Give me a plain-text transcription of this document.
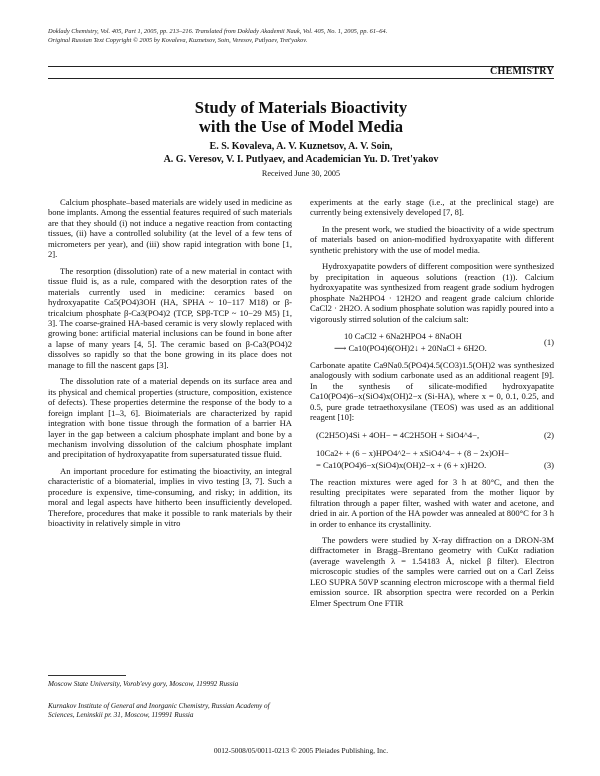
Doklady Chemistry, Vol. 405, Part 1, 2005, pp. 213–216. Translated from Doklady Akademii Nauk, Vol. 405, No. 1, 2005, pp. 61–64.
Original Russian Text Copyright © 2005 by Kovaleva, Kuznetsov, Soin, Veresov, Putlyaev, Tret'yakov.
CHEMISTRY
Study of Materials Bioactivity
with the Use of Model Media
E. S. Kovaleva, A. V. Kuznetsov, A. V. Soin,
A. G. Veresov, V. I. Putlyaev, and Academician Yu. D. Tret'yakov
Received June 30, 2005

Calcium phosphate–based materials are widely used in medicine as bone implants. Among the essential features required of such materials are that they should (i) not induce a negative reaction from contacting tissues, (ii) have a controlled solubility (at the level of a few tens of micrometers per year), and (iii) show rapid integration with bone [1, 2].

The resorption (dissolution) rate of a new material in contact with tissue fluid is, as a rule, compared with the desorption rates of the materials currently used in medicine: ceramics based on hydroxyapatite Ca5(PO4)3OH (HA, SPHA ~ 10−117 M18) or β-tricalcium phosphate β-Ca3(PO4)2 (TCP, SPβ-TCP ~ 10−29 M5) [1, 3]. The coarse-grained HA-based ceramic is very slowly replaced with growing bone: artificial material inclusions can be found in bone after a lapse of many years [4, 5]. The ceramic based on β-Ca3(PO4)2 dissolves so rapidly so that the bone growing in its place does not manage to fill the nascent gaps [3].

The dissolution rate of a material depends on its surface area and its physical and chemical properties (structure, composition, existence of defects). These properties determine the response of the body to a foreign implant [1–3, 6]. Bioimaterials are characterized by rapid integration with bone tissue through the formation of a barrier HA layer in the gap between a calcium phosphate implant and bone by a mechanism involving dissolution of the calcium phosphate implant and precipitation of hydroxyapatite from supersaturated tissue fluid.

An important procedure for estimating the bioactivity, an integral characteristic of a biomaterial, implies in vivo testing [3, 7]. Such a procedure is expensive, time-consuming, and risky; in addition, its moral and legal aspects have hitherto been insufficiently developed. Therefore, procedures that make it possible to rank materials by their bioactivity in relatively simple in vitro

experiments at the early stage (i.e., at the preclinical stage) are currently being extensively developed [7, 8].

In the present work, we studied the bioactivity of a wide spectrum of materials based on anion-modified hydroxyapatite with different synthetic prehistory with the use of model media.

Hydroxyapatite powders of different composition were synthesized by precipitation in aqueous solutions (reaction (1)). Calcium hydroxyapatite was synthesized from reagent grade sodium hydrogen phosphate Na2HPO4 · 12H2O and reagent grade calcium chloride CaCl2 · 2H2O. A sodium phosphate solution was rapidly poured into a vigorously stirred solution of the calcium salt:

10 CaCl2 + 6Na2HPO4 + 8NaOH
⟶ Ca10(PO4)6(OH)2↓ + 20NaCl + 6H2O.
(1)

Carbonate apatite Ca9Na0.5(PO4)4.5(CO3)1.5(OH)2 was synthesized analogously with sodium carbonate used as an additional reagent [9]. In the synthesis of silicate-modified hydroxyapatite Ca10(PO4)6−x(SiO4)x(OH)2−x (Si-HA), where x = 0, 0.1, 0.25, and 0.5, pure grade tetraethoxysilane (TEOS) was used as an additional reagent [10]:

(C2H5O)4Si + 4OH− = 4C2H5OH + SiO4^4−,	(2)
10Ca2+ + (6 − x)HPO4^2− + xSiO4^4− + (8 − 2x)OH−
= Ca10(PO4)6−x(SiO4)x(OH)2−x + (6 + x)H2O.	(3)

The reaction mixtures were aged for 3 h at 80°C, and then the resulting precipitates were separated from the mother liquor by filtration through a paper filter, washed with water and acetone, and dried in air. A portion of the HA powder was annealed at 800°C for 3 h in order to enhance its crystallinity.

The powders were studied by X-ray diffraction on a DRON-3M diffractometer in Bragg–Brentano geometry with CuKα radiation (average wavelength λ = 1.54183 Å, nickel β filter). Electron microscopic studies of the samples were carried out on a Carl Zeiss LEO SUPRA 50VP scanning electron microscope with a thermal field emission source. IR absorption spectra were recorded on a Perkin Elmer Spectrum One FTIR

Moscow State University, Vorob'evy gory, Moscow, 119992 Russia
Kurnakov Institute of General and Inorganic Chemistry, Russian Academy of Sciences, Leninskii pr. 31, Moscow, 119991 Russia
0012-5008/05/0011-0213 © 2005 Pleiades Publishing, Inc.
